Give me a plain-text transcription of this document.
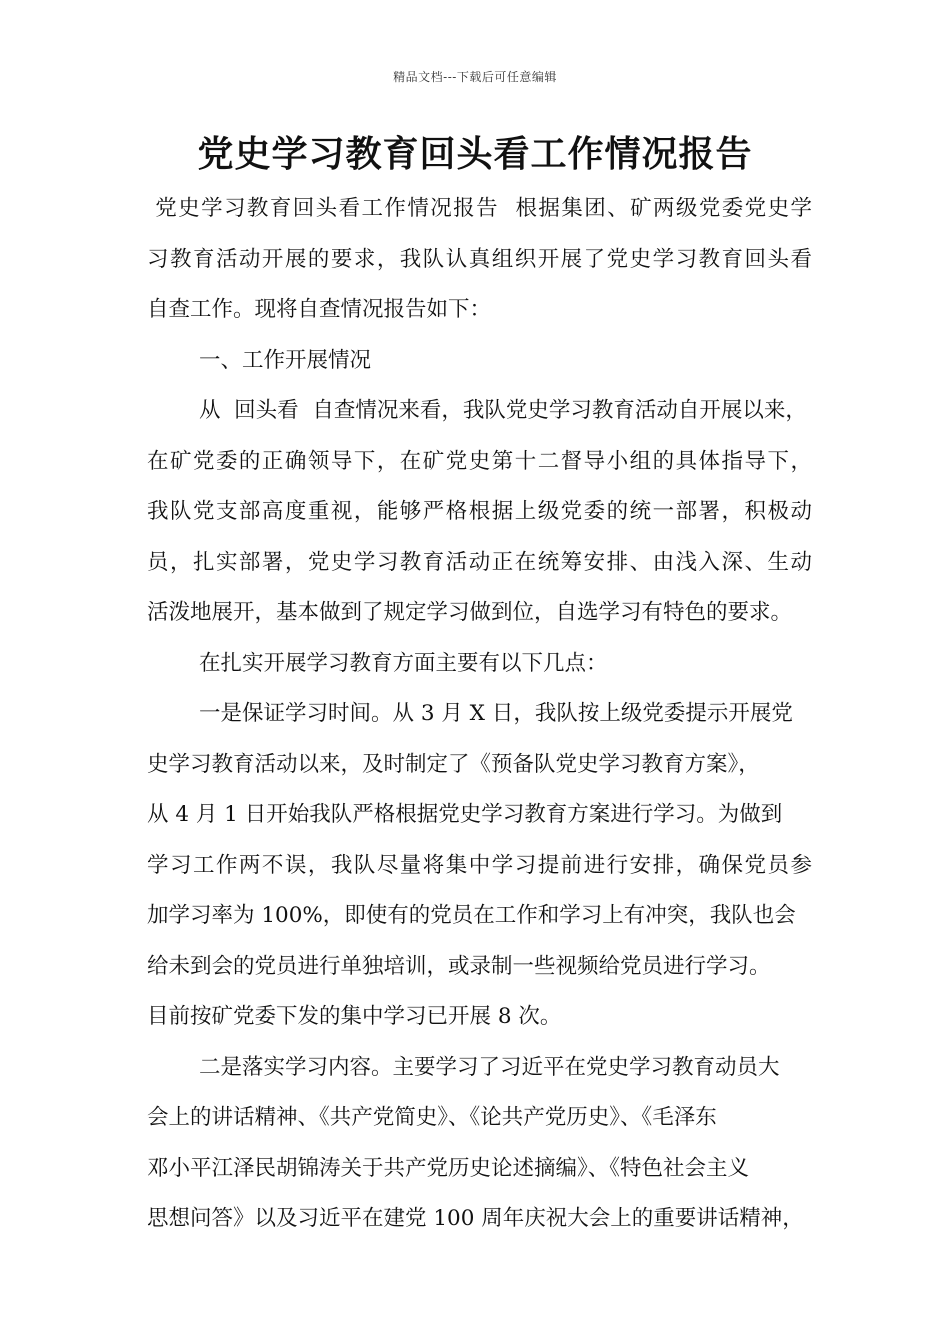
精品文档---下载后可任意编辑
党史学习教育回头看工作情况报告
党史学习教育回头看工作情况报告  根据集团、矿两级党委党史学
习教育活动开展的要求，我队认真组织开展了党史学习教育回头看
自查工作。现将自查情况报告如下：
一、工作开展情况
从  回头看  自查情况来看，我队党史学习教育活动自开展以来，
在矿党委的正确领导下，在矿党史第十二督导小组的具体指导下，
我队党支部高度重视，能够严格根据上级党委的统一部署，积极动
员，扎实部署，党史学习教育活动正在统筹安排、由浅入深、生动
活泼地展开，基本做到了规定学习做到位，自选学习有特色的要求。
在扎实开展学习教育方面主要有以下几点：
一是保证学习时间。从 3 月 X 日，我队按上级党委提示开展党
史学习教育活动以来，及时制定了《预备队党史学习教育方案》，
从 4 月 1 日开始我队严格根据党史学习教育方案进行学习。为做到
学习工作两不误，我队尽量将集中学习提前进行安排，确保党员参
加学习率为 100%，即使有的党员在工作和学习上有冲突，我队也会
给未到会的党员进行单独培训，或录制一些视频给党员进行学习。
目前按矿党委下发的集中学习已开展 8 次。
二是落实学习内容。主要学习了习近平在党史学习教育动员大
会上的讲话精神、《共产党简史》、《论共产党历史》、《毛泽东
邓小平江泽民胡锦涛关于共产党历史论述摘编》、《特色社会主义
思想问答》以及习近平在建党 100 周年庆祝大会上的重要讲话精神，
